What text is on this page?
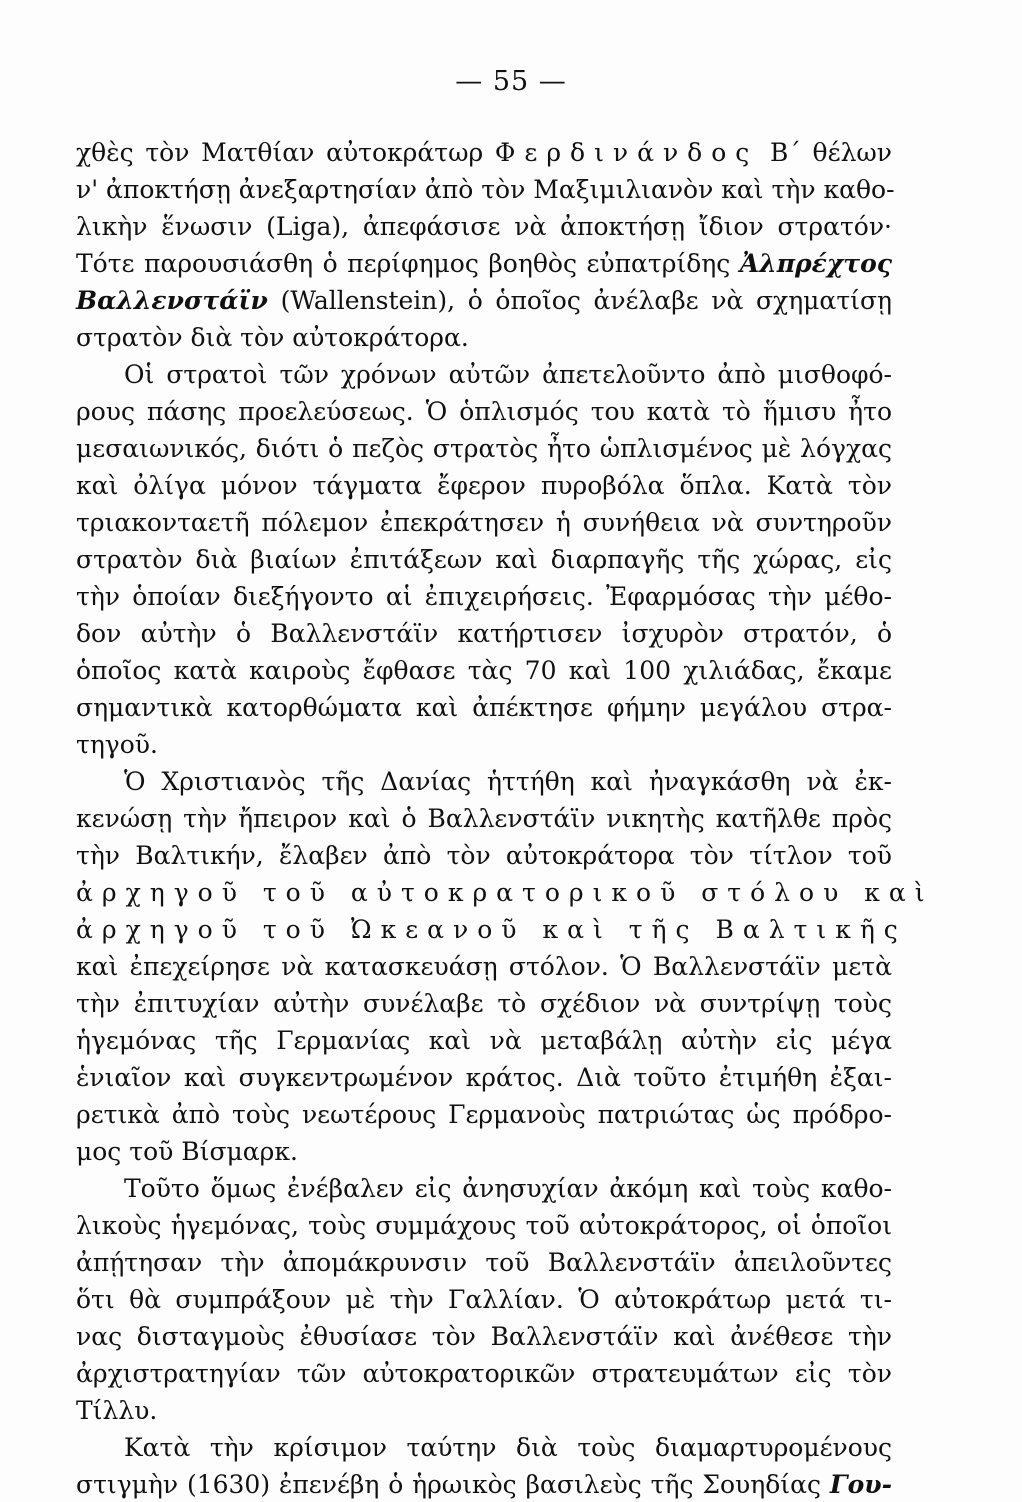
— 55 —
χθὲς τὸν Ματθίαν αὐτοκράτωρ Φερδινάνδος Β΄ θέλων
ν' ἀποκτήσῃ ἀνεξαρτησίαν ἀπὸ τὸν Μαξιμιλιανὸν καὶ τὴν καθο-
λικὴν ἕνωσιν (Liga), ἀπεφάσισε νὰ ἀποκτήσῃ ἴδιον στρατόν·
Τότε παρουσιάσθη ὁ περίφημος βοηθὸς εὐπατρίδης Ἀλπρέχτος
Βαλλενστάϊν (Wallenstein), ὁ ὁποῖος ἀνέλαβε νὰ σχηματίσῃ
στρατὸν διὰ τὸν αὐτοκράτορα.
Οἱ στρατοὶ τῶν χρόνων αὐτῶν ἀπετελοῦντο ἀπὸ μισθοφό-
ρους πάσης προελεύσεως. Ὁ ὁπλισμός του κατὰ τὸ ἥμισυ ἦτο
μεσαιωνικός, διότι ὁ πεζὸς στρατὸς ἦτο ὡπλισμένος μὲ λόγχας
καὶ ὀλίγα μόνον τάγματα ἔφερον πυροβόλα ὅπλα. Κατὰ τὸν
τριακονταετῆ πόλεμον ἐπεκράτησεν ἡ συνήθεια νὰ συντηροῦν
στρατὸν διὰ βιαίων ἐπιτάξεων καὶ διαρπαγῆς τῆς χώρας, εἰς
τὴν ὁποίαν διεξήγοντο αἱ ἐπιχειρήσεις. Ἐφαρμόσας τὴν μέθο-
δον αὐτὴν ὁ Βαλλενστάϊν κατήρτισεν ἰσχυρὸν στρατόν, ὁ
ὁποῖος κατὰ καιροὺς ἔφθασε τὰς 70 καὶ 100 χιλιάδας, ἔκαμε
σημαντικὰ κατορθώματα καὶ ἀπέκτησε φήμην μεγάλου στρα-
τηγοῦ.
Ὁ Χριστιανὸς τῆς Δανίας ἡττήθη καὶ ἠναγκάσθη νὰ ἐκ-
κενώσῃ τὴν ἤπειρον καὶ ὁ Βαλλενστάϊν νικητὴς κατῆλθε πρὸς
τὴν Βαλτικήν, ἔλαβεν ἀπὸ τὸν αὐτοκράτορα τὸν τίτλον τοῦ
ἀρχηγοῦ τοῦ αὐτοκρατορικοῦ στόλου καὶ
ἀρχηγοῦ τοῦ Ὠκεανοῦ καὶ τῆς Βαλτικῆς
καὶ ἐπεχείρησε νὰ κατασκευάσῃ στόλον. Ὁ Βαλλενστάϊν μετὰ
τὴν ἐπιτυχίαν αὐτὴν συνέλαβε τὸ σχέδιον νὰ συντρίψῃ τοὺς
ἡγεμόνας τῆς Γερμανίας καὶ νὰ μεταβάλῃ αὐτὴν εἰς μέγα
ἑνιαῖον καὶ συγκεντρωμένον κράτος. Διὰ τοῦτο ἐτιμήθη ἐξαι-
ρετικὰ ἀπὸ τοὺς νεωτέρους Γερμανοὺς πατριώτας ὡς πρόδρο-
μος τοῦ Βίσμαρκ.
Τοῦτο ὅμως ἐνέβαλεν εἰς ἀνησυχίαν ἀκόμη καὶ τοὺς καθο-
λικοὺς ἡγεμόνας, τοὺς συμμάχους τοῦ αὐτοκράτορος, οἱ ὁποῖοι
ἀπῄτησαν τὴν ἀπομάκρυνσιν τοῦ Βαλλενστάϊν ἀπειλοῦντες
ὅτι θὰ συμπράξουν μὲ τὴν Γαλλίαν. Ὁ αὐτοκράτωρ μετά τι-
νας δισταγμοὺς ἐθυσίασε τὸν Βαλλενστάϊν καὶ ἀνέθεσε τὴν
ἀρχιστρατηγίαν τῶν αὐτοκρατορικῶν στρατευμάτων εἰς τὸν
Τίλλυ.
Κατὰ τὴν κρίσιμον ταύτην διὰ τοὺς διαμαρτυρομένους
στιγμὴν (1630) ἐπενέβη ὁ ἡρωικὸς βασιλεὺς τῆς Σουηδίας Γου-
